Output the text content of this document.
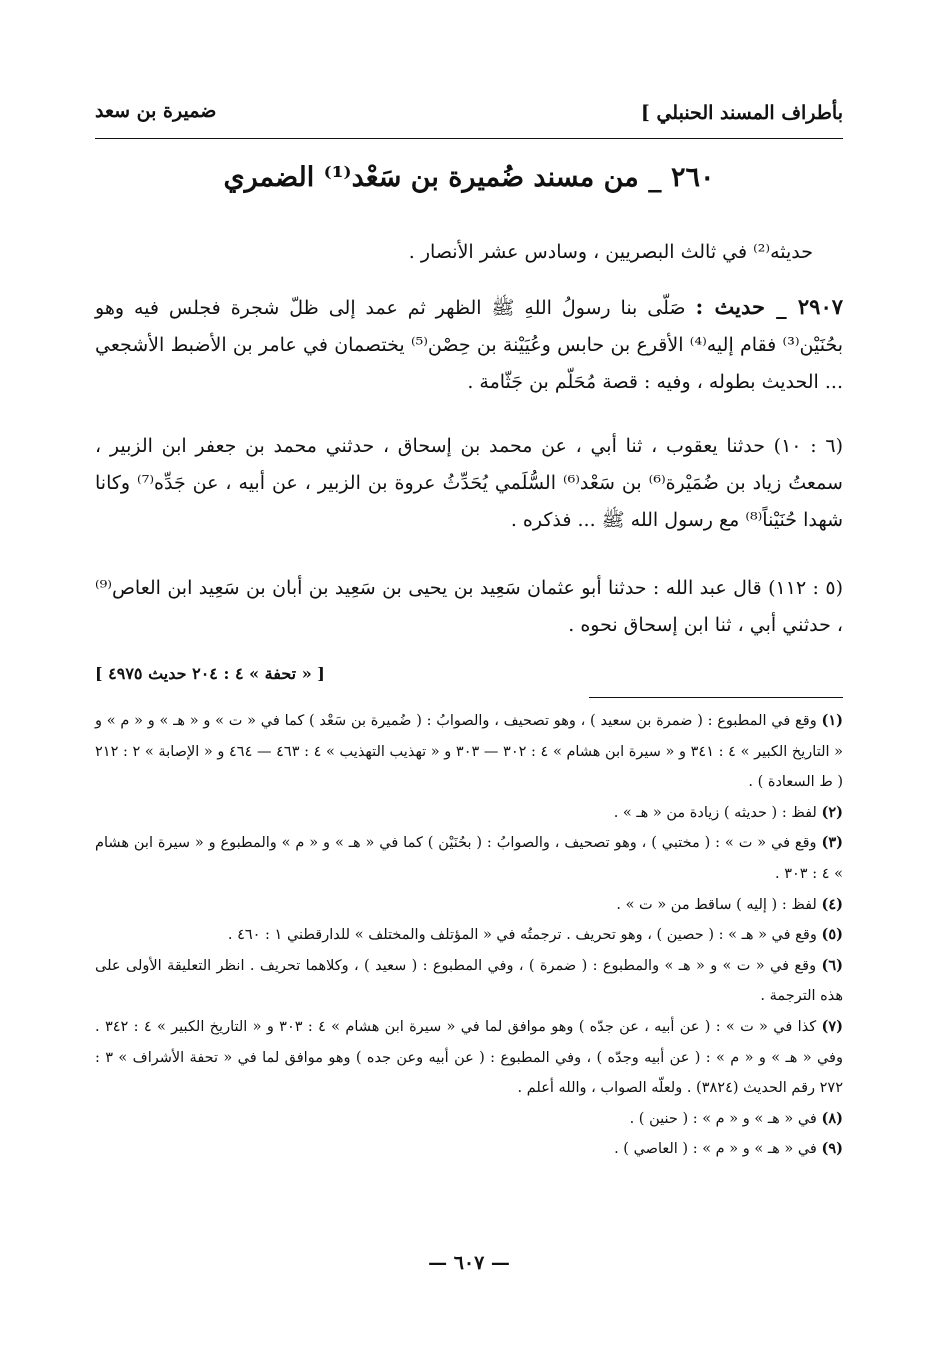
بأطراف المسند الحنبلي ]
ضميرة بن سعد
٢٦٠ _ من مسند ضُميرة بن سَعْد⁽¹⁾ الضمري
حديثه⁽²⁾ في ثالث البصريين ، وسادس عشر الأنصار .
٢٩٠٧ _ حديث : صَلّى بنا رسولُ اللهِ ﷺ الظهر ثم عمد إلى ظلّ شجرة فجلس فيه وهو بحُنَيْن⁽³⁾ فقام إليه⁽⁴⁾ الأقرع بن حابس وعُيَيْنة بن حِصْن⁽⁵⁾ يختصمان في عامر بن الأضبط الأشجعي ... الحديث بطوله ، وفيه : قصة مُحَلّم بن جَثّامة .
(٦ : ١٠) حدثنا يعقوب ، ثنا أبي ، عن محمد بن إسحاق ، حدثني محمد بن جعفر ابن الزبير ، سمعتُ زياد بن ضُمَيْرة⁽⁶⁾ بن سَعْد⁽⁶⁾ السُّلَمي يُحَدِّثُ عروة بن الزبير ، عن أبيه ، عن جَدِّه⁽⁷⁾ وكانا شهدا حُنَيْناً⁽⁸⁾ مع رسول الله ﷺ ... فذكره .
(٥ : ١١٢) قال عبد الله : حدثنا أبو عثمان سَعِيد بن يحيى بن سَعِيد بن أبان بن سَعِيد ابن العاص⁽⁹⁾ ، حدثني أبي ، ثنا ابن إسحاق نحوه .
[ « تحفة » ٤ : ٢٠٤ حديث ٤٩٧٥ ]
(١) وقع في المطبوع : ( ضمرة بن سعيد ) ، وهو تصحيف ، والصوابُ : ( ضُميرة بن سَعْد ) كما في « ت » و « هـ » و « م » و « التاريخ الكبير » ٤ : ٣٤١ و « سيرة ابن هشام » ٤ : ٣٠٢ — ٣٠٣ و « تهذيب التهذيب » ٤ : ٤٦٣ — ٤٦٤ و « الإصابة » ٢ : ٢١٢ ( ط السعادة ) .
(٢) لفظ : ( حديثه ) زيادة من « هـ » .
(٣) وقع في « ت » : ( مختبي ) ، وهو تصحيف ، والصوابُ : ( بحُنَيْن ) كما في « هـ » و « م » والمطبوع و « سيرة ابن هشام » ٤ : ٣٠٣ .
(٤) لفظ : ( إليه ) ساقط من « ت » .
(٥) وقع في « هـ » : ( حصين ) ، وهو تحريف . ترجمتُه في « المؤتلف والمختلف » للدارقطني ١ : ٤٦٠ .
(٦) وقع في « ت » و « هـ » والمطبوع : ( ضمرة ) ، وفي المطبوع : ( سعيد ) ، وكلاهما تحريف . انظر التعليقة الأولى على هذه الترجمة .
(٧) كذا في « ت » : ( عن أبيه ، عن جدّه ) وهو موافق لما في « سيرة ابن هشام » ٤ : ٣٠٣ و « التاريخ الكبير » ٤ : ٣٤٢ . وفي « هـ » و « م » : ( عن أبيه وجدّه ) ، وفي المطبوع : ( عن أبيه وعن جده ) وهو موافق لما في « تحفة الأشراف » ٣ : ٢٧٢ رقم الحديث (٣٨٢٤) . ولعلّه الصواب ، والله أعلم .
(٨) في « هـ » و « م » : ( حنين ) .
(٩) في « هـ » و « م » : ( العاصي ) .
— ٦٠٧ —
